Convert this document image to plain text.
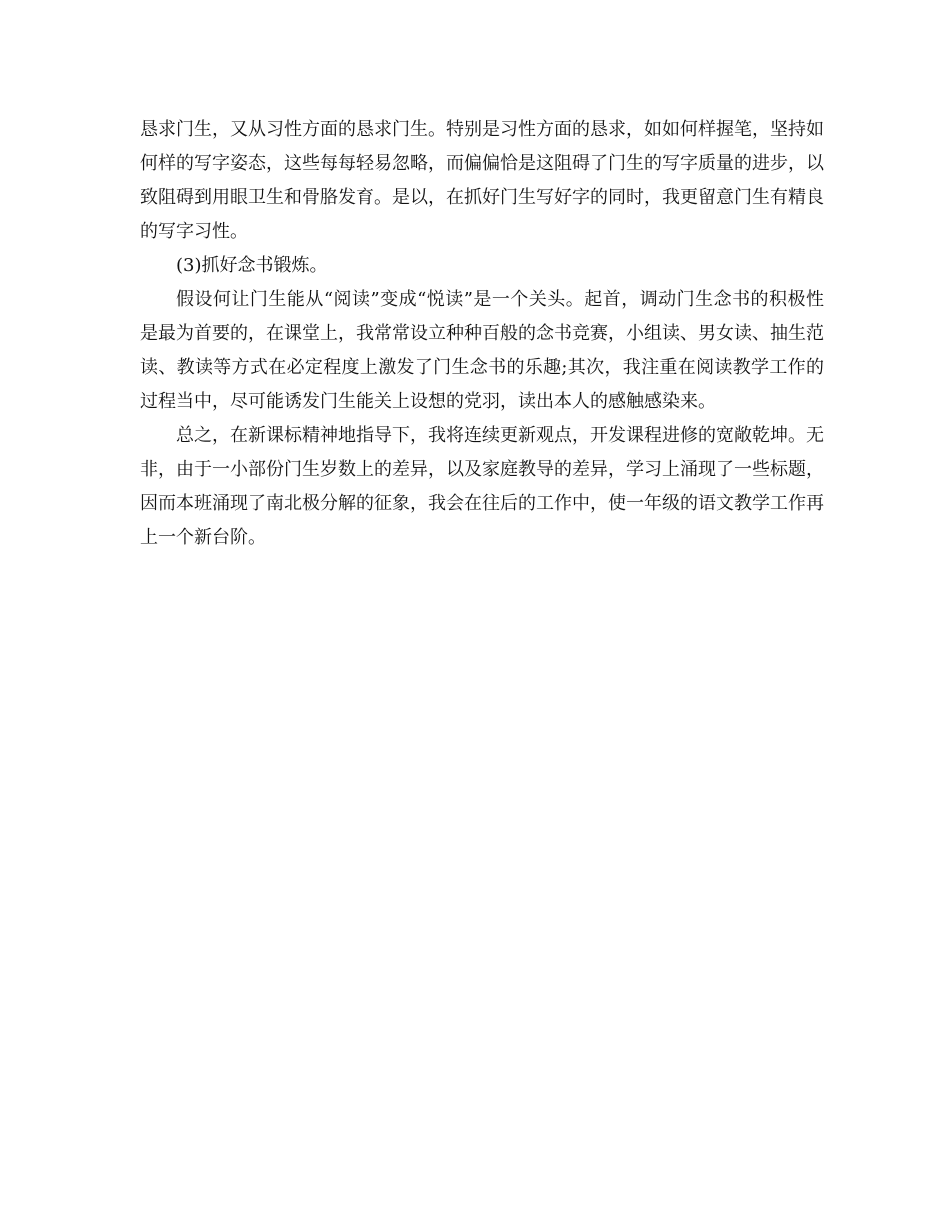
恳求门生，又从习性方面的恳求门生。特别是习性方面的恳求，如如何样握笔，坚持如何样的写字姿态，这些每每轻易忽略，而偏偏恰是这阻碍了门生的写字质量的进步，以致阻碍到用眼卫生和骨胳发育。是以，在抓好门生写好字的同时，我更留意门生有精良的写字习性。

(3)抓好念书锻炼。

假设何让门生能从“阅读”变成“悦读”是一个关头。起首，调动门生念书的积极性是最为首要的，在课堂上，我常常设立种种百般的念书竞赛，小组读、男女读、抽生范读、教读等方式在必定程度上激发了门生念书的乐趣;其次，我注重在阅读教学工作的过程当中，尽可能诱发门生能关上设想的党羽，读出本人的感触感染来。

总之，在新课标精神地指导下，我将连续更新观点，开发课程进修的宽敞乾坤。无非，由于一小部份门生岁数上的差异，以及家庭教导的差异，学习上涌现了一些标题，因而本班涌现了南北极分解的征象，我会在往后的工作中，使一年级的语文教学工作再上一个新台阶。
